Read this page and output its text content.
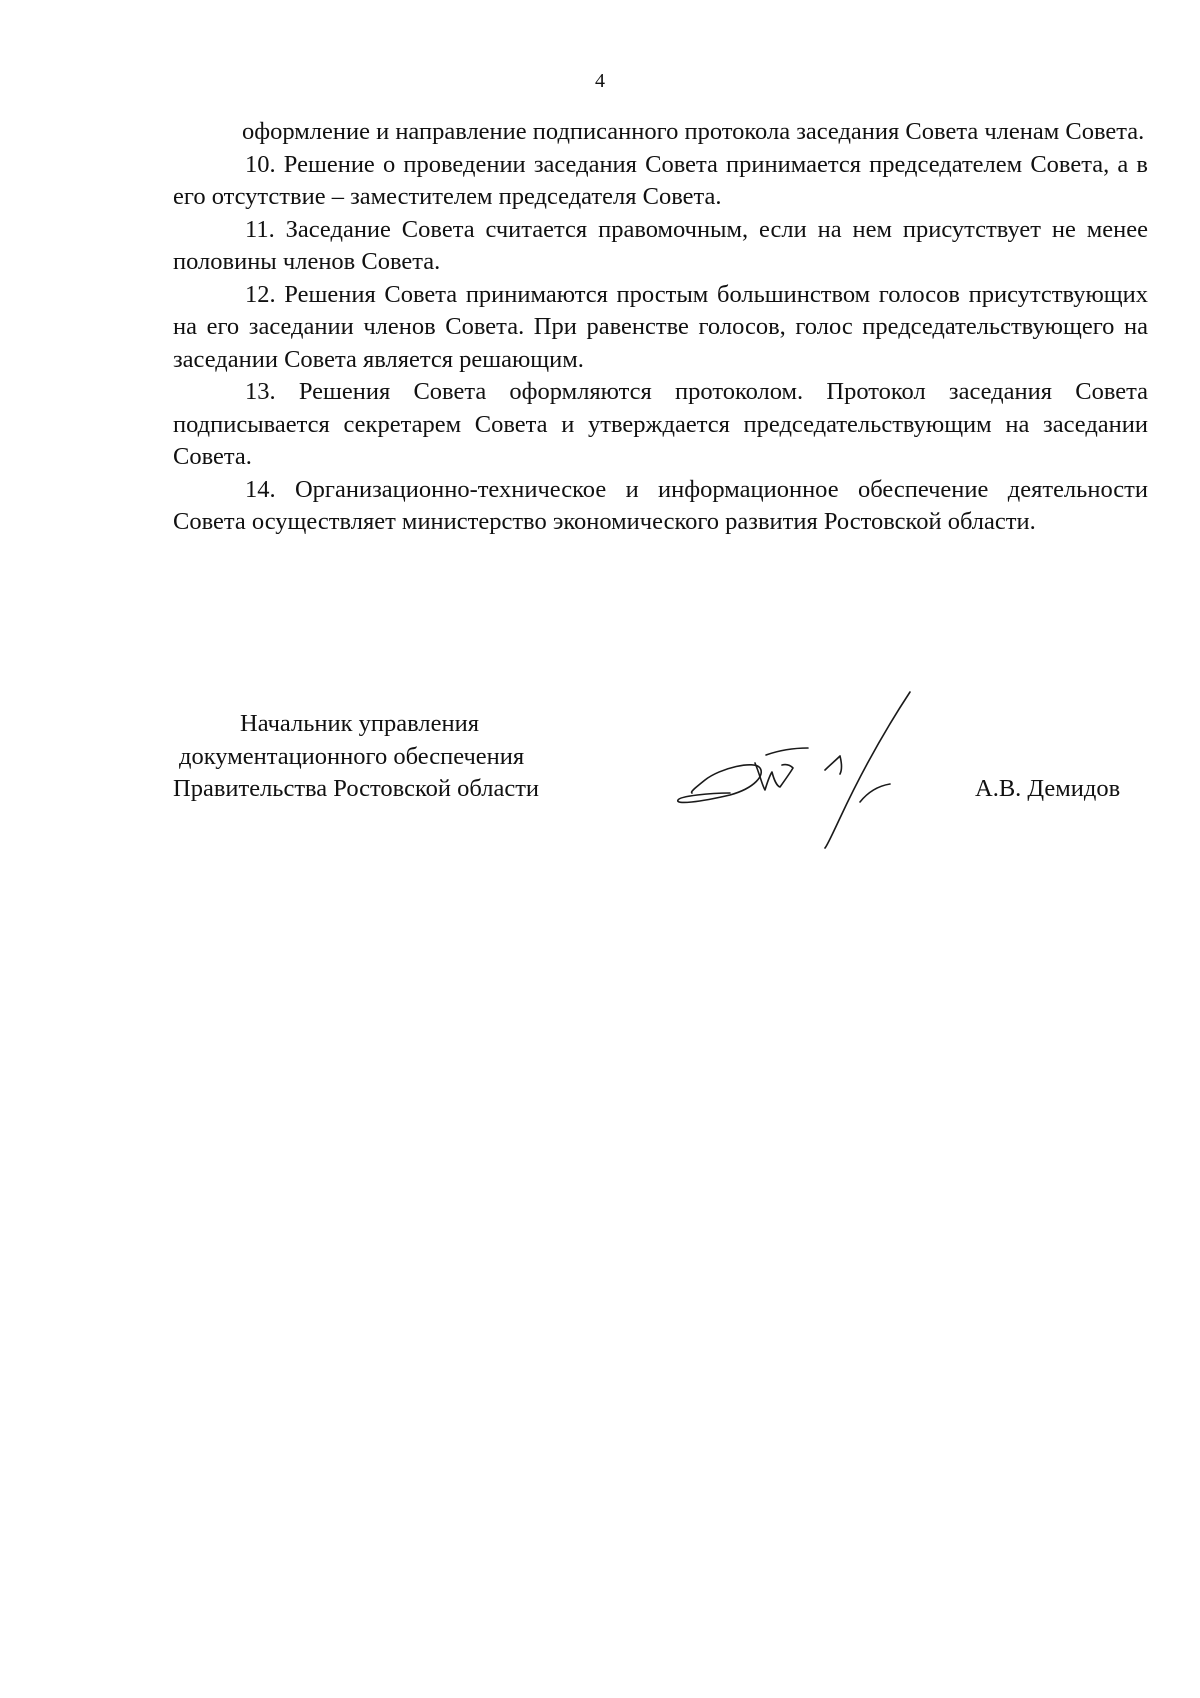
4

оформление и направление подписанного протокола заседания Совета членам Совета.

10. Решение о проведении заседания Совета принимается председателем Совета, а в его отсутствие – заместителем председателя Совета.

11. Заседание Совета считается правомочным, если на нем присутствует не менее половины членов Совета.

12. Решения Совета принимаются простым большинством голосов присутствующих на его заседании членов Совета. При равенстве голосов, голос председательствующего на заседании Совета является решающим.

13. Решения Совета оформляются протоколом. Протокол заседания Совета подписывается секретарем Совета и утверждается председательствующим на заседании Совета.

14. Организационно-техническое и информационное обеспечение деятельности Совета осуществляет министерство экономического развития Ростовской области.

Начальник управления
документационного обеспечения
Правительства Ростовской области	А.В. Демидов
